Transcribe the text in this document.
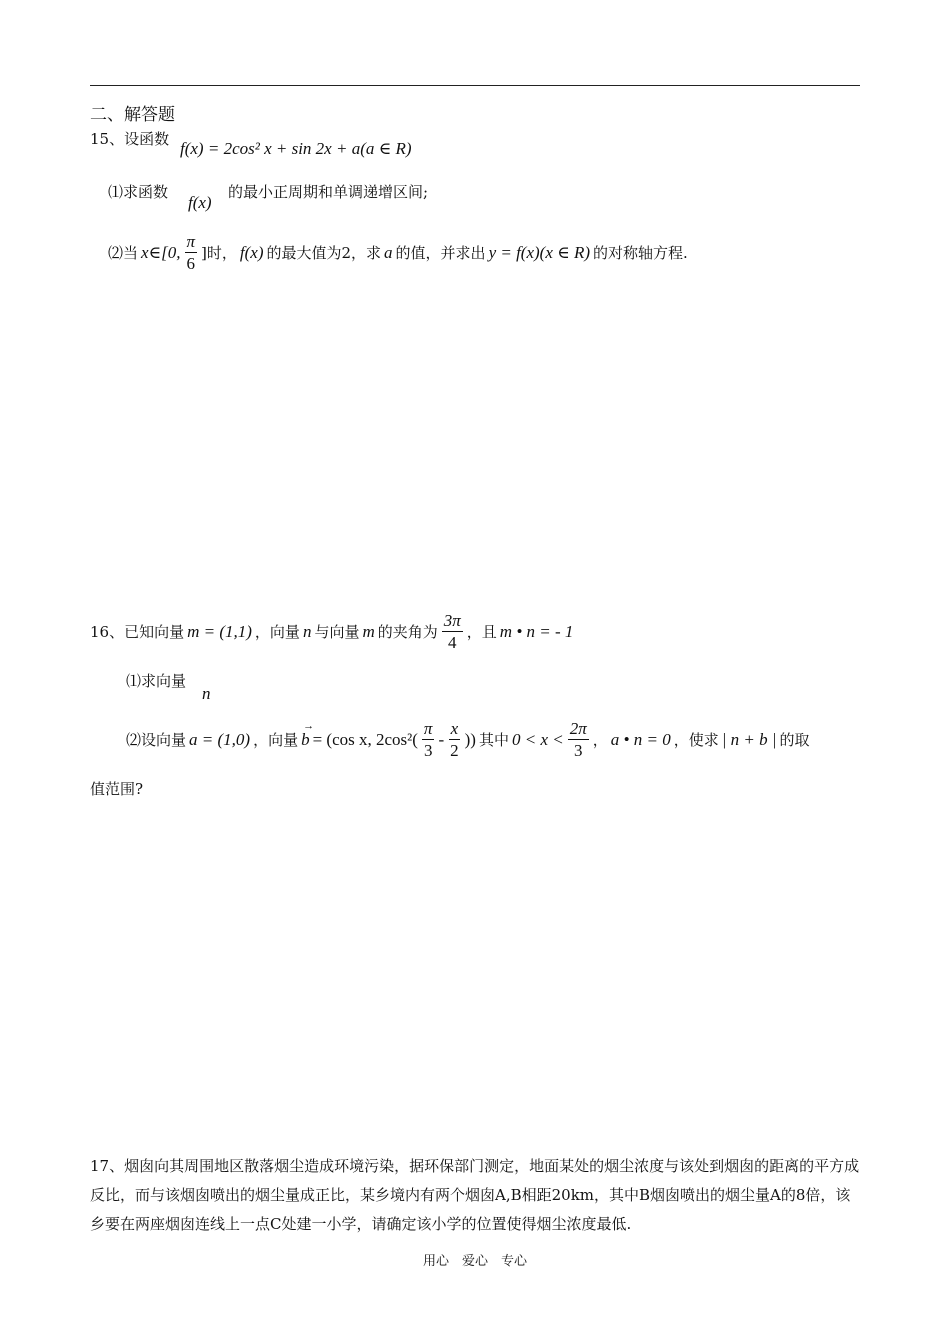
二、解答题
15、设函数 f(x) = 2cos² x + sin 2x + a(a ∈ R)
⑴求函数
f(x)
的最小正周期和单调递增区间;
⑵当 x∈[0, $\frac{\pi}{6}$ ]时， f(x) 的最大值为2，求 a 的值，并求出 y = f(x)(x ∈ R) 的对称轴方程.
16、已知向量 m = (1,1) ，向量 n 与向量 m 的夹角为 $\frac{3\pi}{4}$ ，且 m • n = - 1
⑴求向量
n
⑵设向量 a = (1,0) ，向量
→
b = (cos x, $2\cos^2( \frac{\pi}{3} - \frac{x}{2}$ )) 其中 $0 < x < \frac{2\pi}{3}$ ， a • n = 0 ，使求 | n + b | 的取
值范围?
17、烟囱向其周围地区散落烟尘造成环境污染，据环保部门测定，地面某处的烟尘浓度与该处到烟囱的距离的平方成反比，而与该烟囱喷出的烟尘量成正比，某乡境内有两个烟囱A,B相距20km，其中B烟囱喷出的烟尘量A的8倍，该乡要在两座烟囱连线上一点C处建一小学，请确定该小学的位置使得烟尘浓度最低.
用心　爱心　专心
